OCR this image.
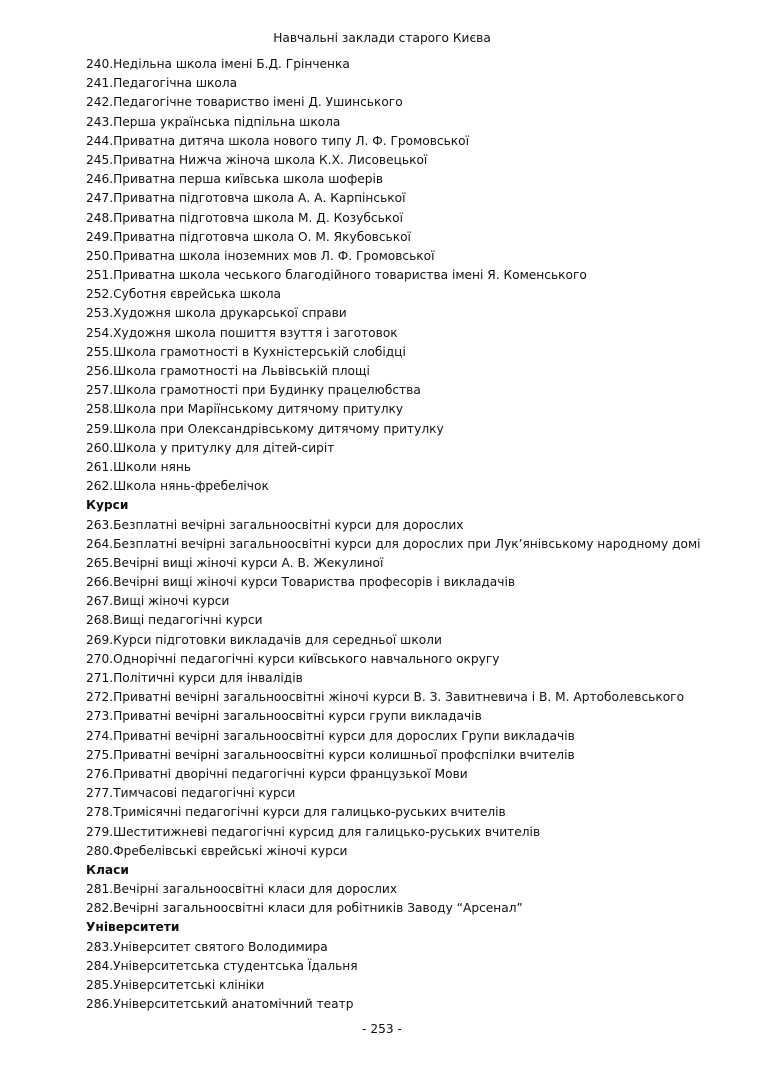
Навчальні заклади старого Києва
240.Недільна школа імені Б.Д. Грінченка
241.Педагогічна школа
242.Педагогічне товариство імені Д. Ушинського
243.Перша українська підпільна школа
244.Приватна дитяча школа нового типу Л. Ф. Громовської
245.Приватна Нижча жіноча школа К.Х. Лисовецької
246.Приватна перша київська школа шоферів
247.Приватна підготовча школа А. А. Карпінської
248.Приватна підготовча школа М. Д. Козубської
249.Приватна підготовча школа О. М. Якубовської
250.Приватна школа іноземних мов Л. Ф. Громовської
251.Приватна школа чеського благодійного товариства імені Я. Коменського
252.Суботня єврейська школа
253.Художня школа друкарської справи
254.Художня школа пошиття взуття і заготовок
255.Школа грамотності в Кухністерській слобідці
256.Школа грамотності на Львівській площі
257.Школа грамотності при Будинку працелюбства
258.Школа при Маріїнському дитячому притулку
259.Школа при Олександрівському дитячому притулку
260.Школа у притулку для дітей-сиріт
261.Школи нянь
262.Школа нянь-фребелічок
Курси
263.Безплатні вечірні загальноосвітні курси для дорослих
264.Безплатні вечірні загальноосвітні курси для дорослих при Лук’янівському народному домі
265.Вечірні вищі жіночі курси А. В. Жекулиної
266.Вечірні вищі жіночі курси Товариства професорів і викладачів
267.Вищі жіночі курси
268.Вищі педагогічні курси
269.Курси підготовки викладачів для середньої школи
270.Однорічні педагогічні курси київського навчального округу
271.Політичні курси для інвалідів
272.Приватні вечірні загальноосвітні жіночі курси В. З. Завитневича і В. М. Артоболевського
273.Приватні вечірні загальноосвітні курси групи викладачів
274.Приватні вечірні загальноосвітні курси для дорослих Групи викладачів
275.Приватні вечірні загальноосвітні курси колишньої профспілки вчителів
276.Приватні дворічні педагогічні курси французької Мови
277.Тимчасові педагогічні курси
278.Тримісячні педагогічні курси для галицько-руських вчителів
279.Шеститижневі педагогічні курсид для галицько-руських вчителів
280.Фребелівські єврейські жіночі курси
Класи
281.Вечірні загальноосвітні класи для дорослих
282.Вечірні загальноосвітні класи для робітників Заводу “Арсенал”
Університети
283.Університет святого Володимира
284.Університетська студентська Їдальня
285.Університетські клініки
286.Університетський анатомічний театр
- 253 -
